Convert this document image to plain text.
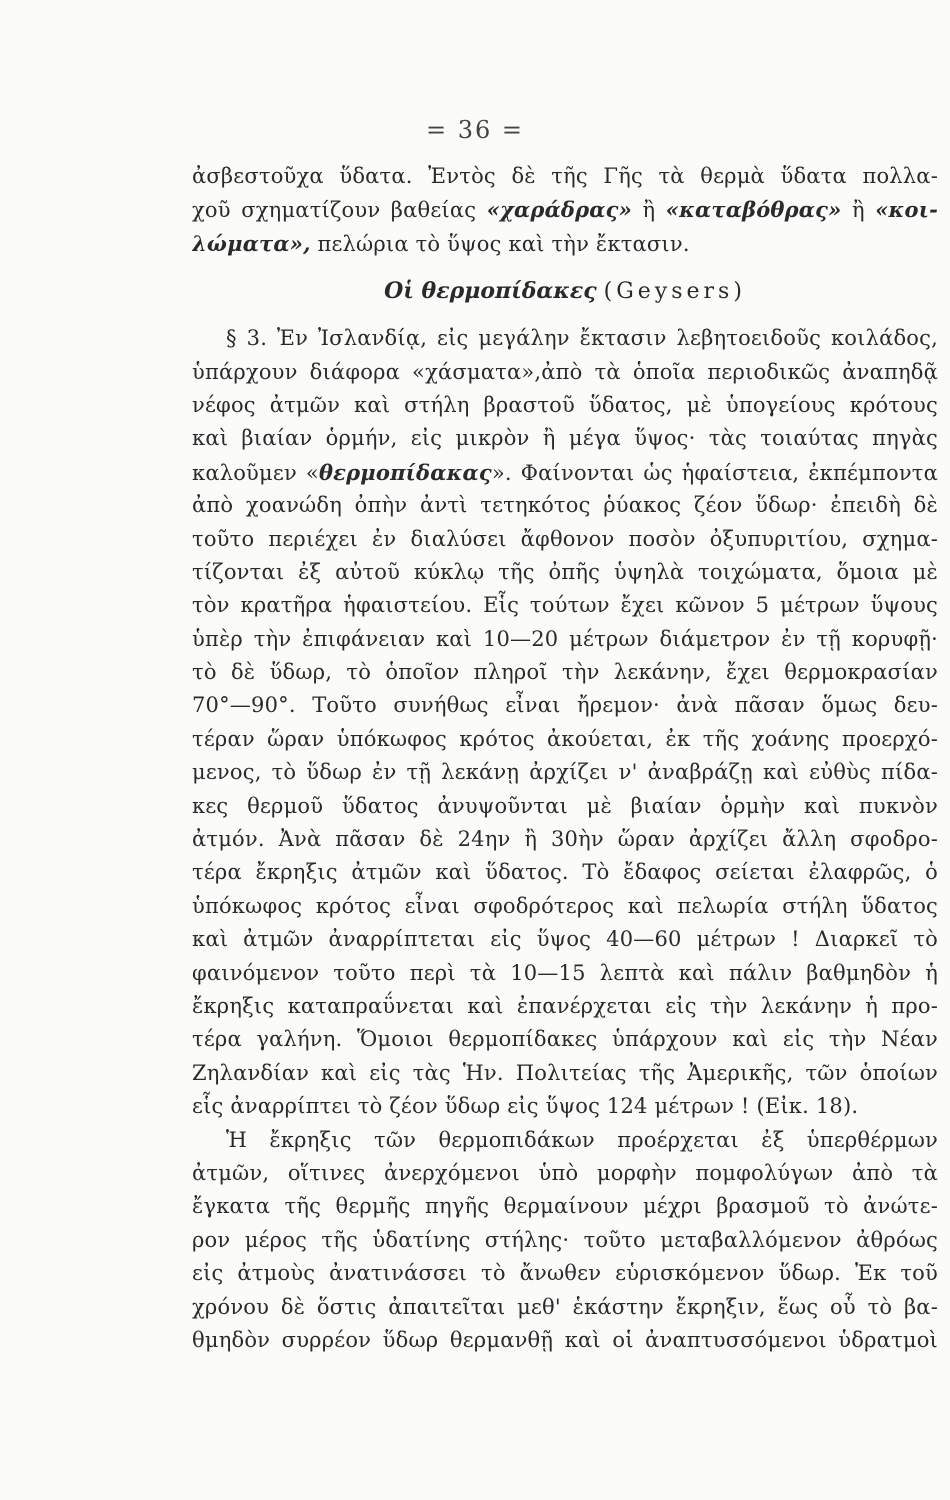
= 36 =
ἀσβεστοῦχα ὕδατα. Ἐντὸς δὲ τῆς Γῆς τὰ θερμὰ ὕδατα πολλα-
χοῦ σχηματίζουν βαθείας «χαράδρας» ἢ «καταβόθρας» ἢ «κοι-
λώματα», πελώρια τὸ ὕψος καὶ τὴν ἔκτασιν.
Οἱ θερμοπίδακες (Geysers)
§ 3. Ἐν Ἰσλανδίᾳ, εἰς μεγάλην ἔκτασιν λεβητοειδοῦς κοιλάδος,
ὑπάρχουν διάφορα «χάσματα»,ἀπὸ τὰ ὁποῖα περιοδικῶς ἀναπηδᾷ
νέφος ἀτμῶν καὶ στήλη βραστοῦ ὕδατος, μὲ ὑπογείους κρότους
καὶ βιαίαν ὁρμήν, εἰς μικρὸν ἢ μέγα ὕψος· τὰς τοιαύτας πηγὰς
καλοῦμεν «θερμοπίδακας». Φαίνονται ὡς ἡφαίστεια, ἐκπέμποντα
ἀπὸ χοανώδη ὀπὴν ἀντὶ τετηκότος ῥύακος ζέον ὕδωρ· ἐπειδὴ δὲ
τοῦτο περιέχει ἐν διαλύσει ἄφθονον ποσὸν ὀξυπυριτίου, σχημα-
τίζονται ἐξ αὐτοῦ κύκλῳ τῆς ὀπῆς ὑψηλὰ τοιχώματα, ὅμοια μὲ
τὸν κρατῆρα ἡφαιστείου. Εἷς τούτων ἔχει κῶνον 5 μέτρων ὕψους
ὑπὲρ τὴν ἐπιφάνειαν καὶ 10—20 μέτρων διάμετρον ἐν τῇ κορυφῇ·
τὸ δὲ ὕδωρ, τὸ ὁποῖον πληροῖ τὴν λεκάνην, ἔχει θερμοκρασίαν
70°—90°. Τοῦτο συνήθως εἶναι ἤρεμον· ἀνὰ πᾶσαν ὅμως δευ-
τέραν ὥραν ὑπόκωφος κρότος ἀκούεται, ἐκ τῆς χοάνης προερχό-
μενος, τὸ ὕδωρ ἐν τῇ λεκάνῃ ἀρχίζει ν' ἀναβράζῃ καὶ εὐθὺς πίδα-
κες θερμοῦ ὕδατος ἀνυψοῦνται μὲ βιαίαν ὁρμὴν καὶ πυκνὸν
ἀτμόν. Ἀνὰ πᾶσαν δὲ 24ην ἢ 30ὴν ὥραν ἀρχίζει ἄλλη σφοδρο-
τέρα ἔκρηξις ἀτμῶν καὶ ὕδατος. Τὸ ἔδαφος σείεται ἐλαφρῶς, ὁ
ὑπόκωφος κρότος εἶναι σφοδρότερος καὶ πελωρία στήλη ὕδατος
καὶ ἀτμῶν ἀναρρίπτεται εἰς ὕψος 40—60 μέτρων ! Διαρκεῖ τὸ
φαινόμενον τοῦτο περὶ τὰ 10—15 λεπτὰ καὶ πάλιν βαθμηδὸν ἡ
ἔκρηξις καταπραΰνεται καὶ ἐπανέρχεται εἰς τὴν λεκάνην ἡ προ-
τέρα γαλήνη. Ὅμοιοι θερμοπίδακες ὑπάρχουν καὶ εἰς τὴν Νέαν
Ζηλανδίαν καὶ εἰς τὰς Ἡν. Πολιτείας τῆς Ἀμερικῆς, τῶν ὁποίων
εἷς ἀναρρίπτει τὸ ζέον ὕδωρ εἰς ὕψος 124 μέτρων ! (Εἰκ. 18).
Ἡ ἔκρηξις τῶν θερμοπιδάκων προέρχεται ἐξ ὑπερθέρμων
ἀτμῶν, οἵτινες ἀνερχόμενοι ὑπὸ μορφὴν πομφολύγων ἀπὸ τὰ
ἔγκατα τῆς θερμῆς πηγῆς θερμαίνουν μέχρι βρασμοῦ τὸ ἀνώτε-
ρον μέρος τῆς ὑδατίνης στήλης· τοῦτο μεταβαλλόμενον ἀθρόως
εἰς ἀτμοὺς ἀνατινάσσει τὸ ἄνωθεν εὑρισκόμενον ὕδωρ. Ἐκ τοῦ
χρόνου δὲ ὅστις ἀπαιτεῖται μεθ' ἑκάστην ἔκρηξιν, ἕως οὗ τὸ βα-
θμηδὸν συρρέον ὕδωρ θερμανθῇ καὶ οἱ ἀναπτυσσόμενοι ὑδρατμοὶ
